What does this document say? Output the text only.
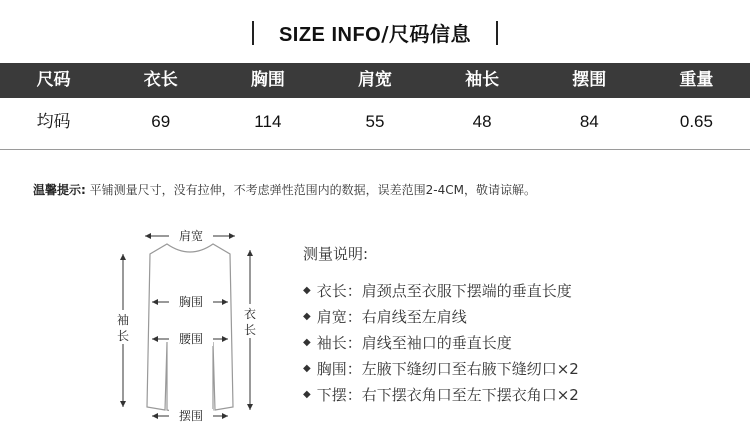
SIZE INFO/尺码信息
尺码	衣长	胸围	肩宽	袖长	摆围	重量
均码	69	114	55	48	84	0.65
温馨提示: 平铺测量尺寸，没有拉伸，不考虑弹性范围内的数据，误差范围2-4CM，敬请谅解。
肩宽
胸围
腰围
摆围
袖
长
衣
长
测量说明:
◆ 衣长：肩颈点至衣服下摆端的垂直长度
◆ 肩宽：右肩线至左肩线
◆ 袖长：肩线至袖口的垂直长度
◆ 胸围：左腋下缝纫口至右腋下缝纫口×2
◆ 下摆：右下摆衣角口至左下摆衣角口×2
